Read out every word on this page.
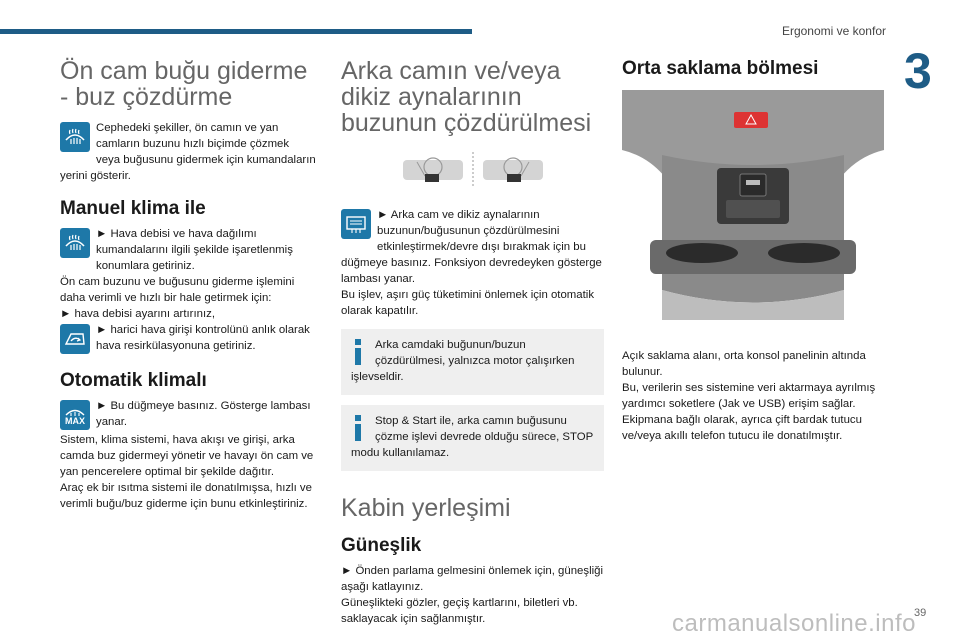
Ergonomi ve konfor
3
Ön cam buğu giderme - buz çözdürme

Cephedeki şekiller, ön camın ve yan camların buzunu hızlı biçimde çözmek veya buğusunu gidermek için kumandaların yerini gösterir.

Manuel klima ile

► Hava debisi ve hava dağılımı kumandalarını ilgili şekilde işaretlenmiş konumlara getiriniz.

Ön cam buzunu ve buğusunu giderme işlemini daha verimli ve hızlı bir hale getirmek için:

► hava debisi ayarını artırınız,

► harici hava girişi kontrolünü anlık olarak hava resirkülasyonuna getiriniz.

Otomatik klimalı
MAX

► Bu düğmeye basınız. Gösterge lambası yanar.

Sistem, klima sistemi, hava akışı ve girişi, arka camda buz gidermeyi yönetir ve havayı ön cam ve yan pencerelere optimal bir şekilde dağıtır.

Araç ek bir ısıtma sistemi ile donatılmışsa, hızlı ve verimli buğu/buz giderme için bunu etkinleştiriniz.

Arka camın ve/veya dikiz aynalarının buzunun çözdürülmesi

► Arka cam ve dikiz aynalarının buzunun/buğusunun çözdürülmesini etkinleştirmek/devre dışı bırakmak için bu düğmeye basınız. Fonksiyon devredeyken gösterge lambası yanar.

Bu işlev, aşırı güç tüketimini önlemek için otomatik olarak kapatılır.

Arka camdaki buğunun/buzun çözdürülmesi, yalnızca motor çalışırken işlevseldir.

Stop & Start ile, arka camın buğusunu çözme işlevi devrede olduğu sürece, STOP modu kullanılamaz.

Kabin yerleşimi
Güneşlik

► Önden parlama gelmesini önlemek için, güneşliği aşağı katlayınız.

Güneşlikteki gözler, geçiş kartlarını, biletleri vb. saklayacak için sağlanmıştır.

Orta saklama bölmesi

Açık saklama alanı, orta konsol panelinin altında bulunur.

Bu, verilerin ses sistemine veri aktarmaya ayrılmış yardımcı soketlere (Jak ve USB) erişim sağlar.

Ekipmana bağlı olarak, ayrıca çift bardak tutucu ve/veya akıllı telefon tutucu ile donatılmıştır.

39
carmanualsonline.info
